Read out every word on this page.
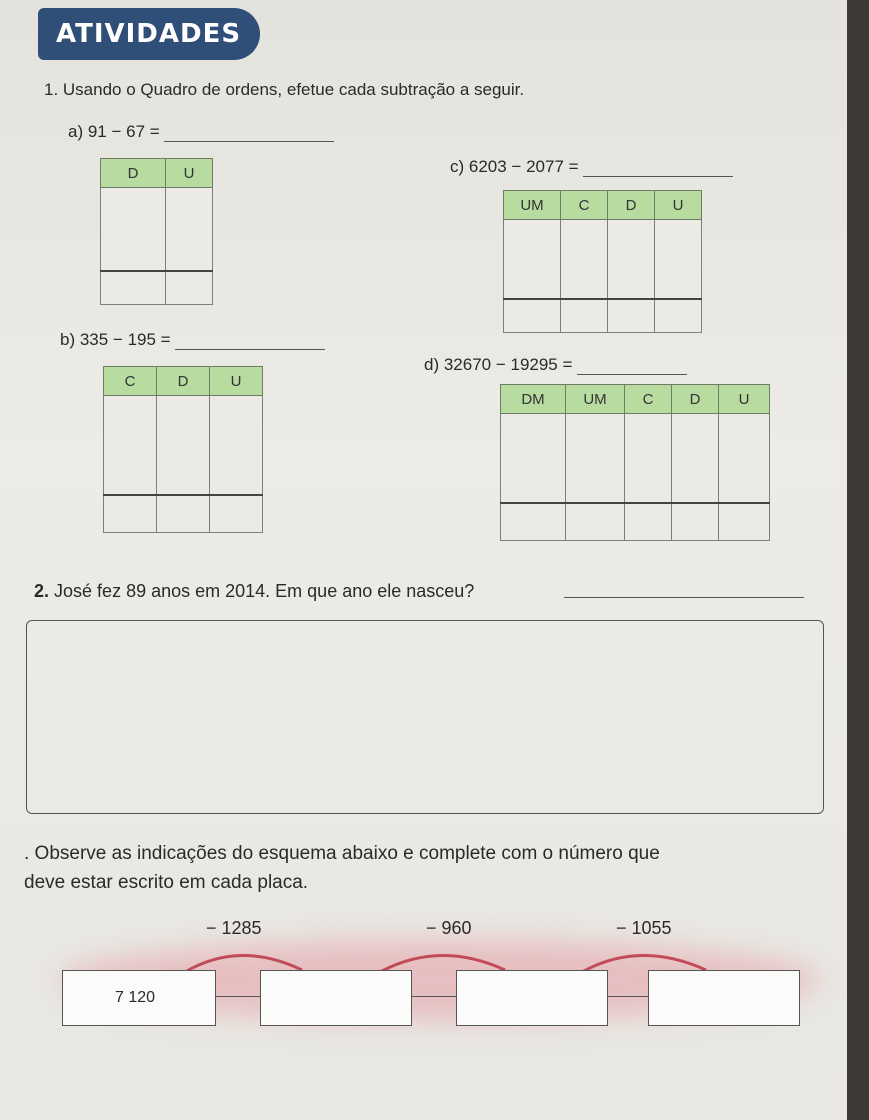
ATIVIDADES
1. Usando o Quadro de ordens, efetue cada subtração a seguir.
a) 91 − 67 =
D	U

b) 335 − 195 =
C	D	U

c) 6203 − 2077 =
UM	C	D	U

d) 32670 − 19295 =
DM	UM	C	D	U

2. José fez 89 anos em 2014. Em que ano ele nasceu?
. Observe as indicações do esquema abaixo e complete com o número que
deve estar escrito em cada placa.
− 1285	− 960	− 1055
7 120
